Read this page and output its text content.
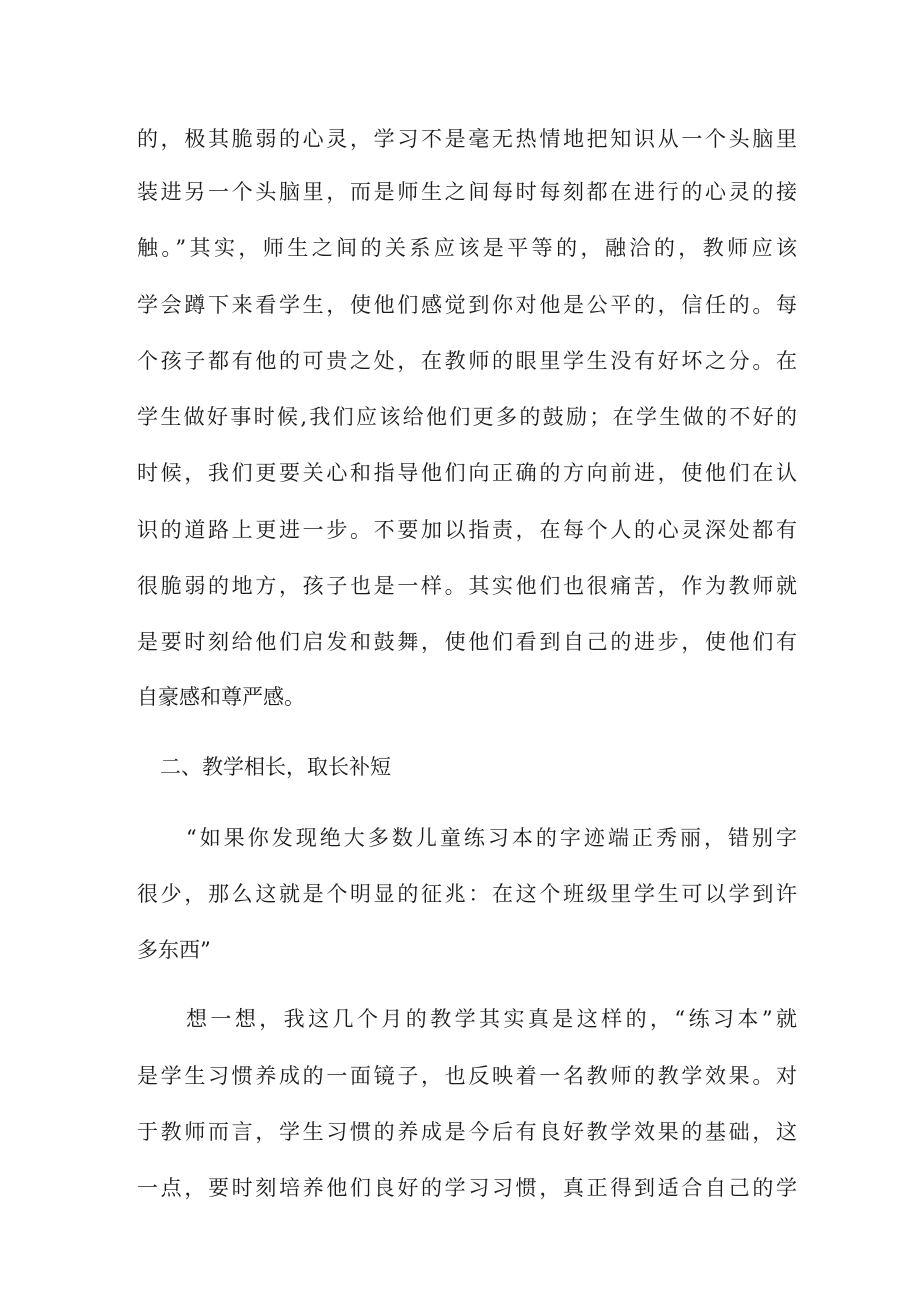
的，极其脆弱的心灵，学习不是毫无热情地把知识从一个头脑里
装进另一个头脑里，而是师生之间每时每刻都在进行的心灵的接
触。”其实，师生之间的关系应该是平等的，融洽的，教师应该
学会蹲下来看学生，使他们感觉到你对他是公平的，信任的。每
个孩子都有他的可贵之处，在教师的眼里学生没有好坏之分。在
学生做好事时候,我们应该给他们更多的鼓励；在学生做的不好的
时候，我们更要关心和指导他们向正确的方向前进，使他们在认
识的道路上更进一步。不要加以指责，在每个人的心灵深处都有
很脆弱的地方，孩子也是一样。其实他们也很痛苦，作为教师就
是要时刻给他们启发和鼓舞，使他们看到自己的进步，使他们有
自豪感和尊严感。
二、教学相长，取长补短
“如果你发现绝大多数儿童练习本的字迹端正秀丽，错别字
很少，那么这就是个明显的征兆：在这个班级里学生可以学到许
多东西”
想一想，我这几个月的教学其实真是这样的，“练习本”就
是学生习惯养成的一面镜子，也反映着一名教师的教学效果。对
于教师而言，学生习惯的养成是今后有良好教学效果的基础，这
一点，要时刻培养他们良好的学习习惯，真正得到适合自己的学
